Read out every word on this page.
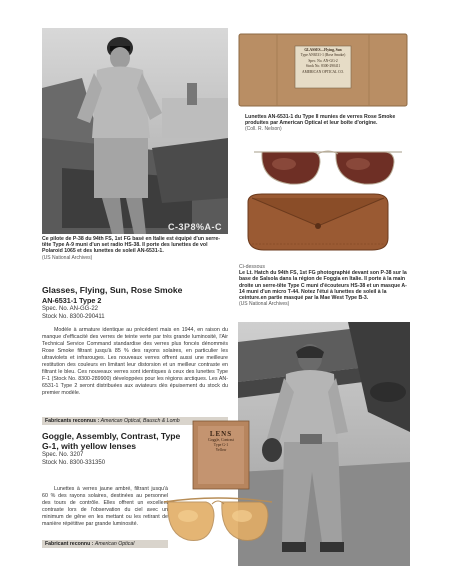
C-3P8%A-C
Ce pilote de P-38 du 94th FS, 1st FG basé en Italie est équipé d'un serre-tête Type A-9 muni d'un set radio HS-38. Il porte des lunettes de vol Polaroid 1065 et des lunettes de soleil AN-6531-1.
(US National Archives)
GLASSES—Flying, Sun
Type AN6531-1 (Rose Smoke)
Spec. No. AN-GG-2
Stock No. 8300-290411
AMERICAN OPTICAL CO.
Lunettes AN-6531-1 du Type II munies de verres Rose Smoke produites par American Optical et leur boîte d'origine.
(Coll. R. Nelson)
Ci-dessous
Le Lt. Hatch du 94th FS, 1st FG photographié devant son P-38 sur la base de Salsola dans la région de Foggia en Italie. Il porte à la main droite un serre-tête Type C muni d'écouteurs HS-38 et un masque A-14 muni d'un micro T-44. Notez l'étui à lunettes de soleil à la ceinture.en partie masqué par la Mae West Type B-3.
(US National Archives)
Glasses, Flying, Sun, Rose Smoke
AN-6531-1 Type 2
Spec. No. AN-GG-22
Stock No. 8300-290411
Modèle à armature identique au précédent mais en 1944, en raison du manque d'efficacité des verres de teinte verte par très grande luminosité, l'Air Technical Service Command standardise des verres plus foncés dénommés Rose Smoke filtrant jusqu'à 85 % des rayons solaires, en particulier les ultraviolets et infrarouges. Les nouveaux verres offrent aussi une meilleure restitution des couleurs en limitant leur distorsion et un meilleur contraste en filtrant le bleu. Ces nouveaux verres sont identiques à ceux des lunettes Type F-1 (Stock No. 8300-289900) développées pour les régions arctiques. Les AN-6531-1 Type 2 seront distribuées aux aviateurs dès épuisement du stock du premier modèle.
Fabricants reconnus : American Optical, Bausch & Lomb
Goggle, Assembly, Contrast, Type G-1, with yellow lenses
Spec. No. 3207
Stock No. 8300-331350
Lunettes à verres jaune ambré, filtrant jusqu'à 60 % des rayons solaires, destinées au personnel des tours de contrôle. Elles offrent un excellent contraste lors de l'observation du ciel avec un minimum de gêne en les mettant ou les retirant de manière répétitive par grande luminosité.
LENS
Goggle, Contrast
Type G-1
Yellow
Fabricant reconnu : American Optical
